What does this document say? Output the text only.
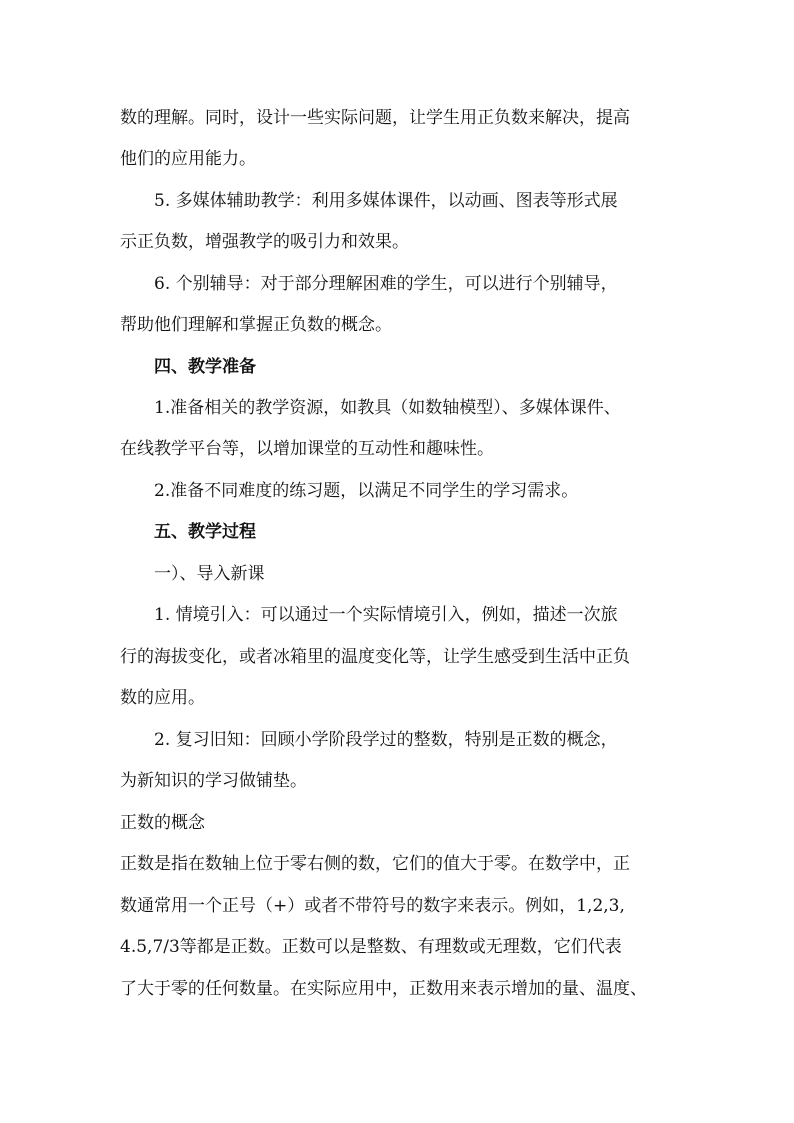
数的理解。同时，设计一些实际问题，让学生用正负数来解决，提高
他们的应用能力。
5. 多媒体辅助教学：利用多媒体课件，以动画、图表等形式展
示正负数，增强教学的吸引力和效果。
6. 个别辅导：对于部分理解困难的学生，可以进行个别辅导，
帮助他们理解和掌握正负数的概念。
四、教学准备
1.准备相关的教学资源，如教具（如数轴模型）、多媒体课件、
在线教学平台等，以增加课堂的互动性和趣味性。
2.准备不同难度的练习题，以满足不同学生的学习需求。
五、教学过程
一）、导入新课
1. 情境引入：可以通过一个实际情境引入，例如，描述一次旅
行的海拔变化，或者冰箱里的温度变化等，让学生感受到生活中正负
数的应用。
2. 复习旧知：回顾小学阶段学过的整数，特别是正数的概念，
为新知识的学习做铺垫。
正数的概念
正数是指在数轴上位于零右侧的数，它们的值大于零。在数学中，正
数通常用一个正号（+）或者不带符号的数字来表示。例如，1,2,3,
4.5,7/3等都是正数。正数可以是整数、有理数或无理数，它们代表
了大于零的任何数量。在实际应用中，正数用来表示增加的量、温度、
